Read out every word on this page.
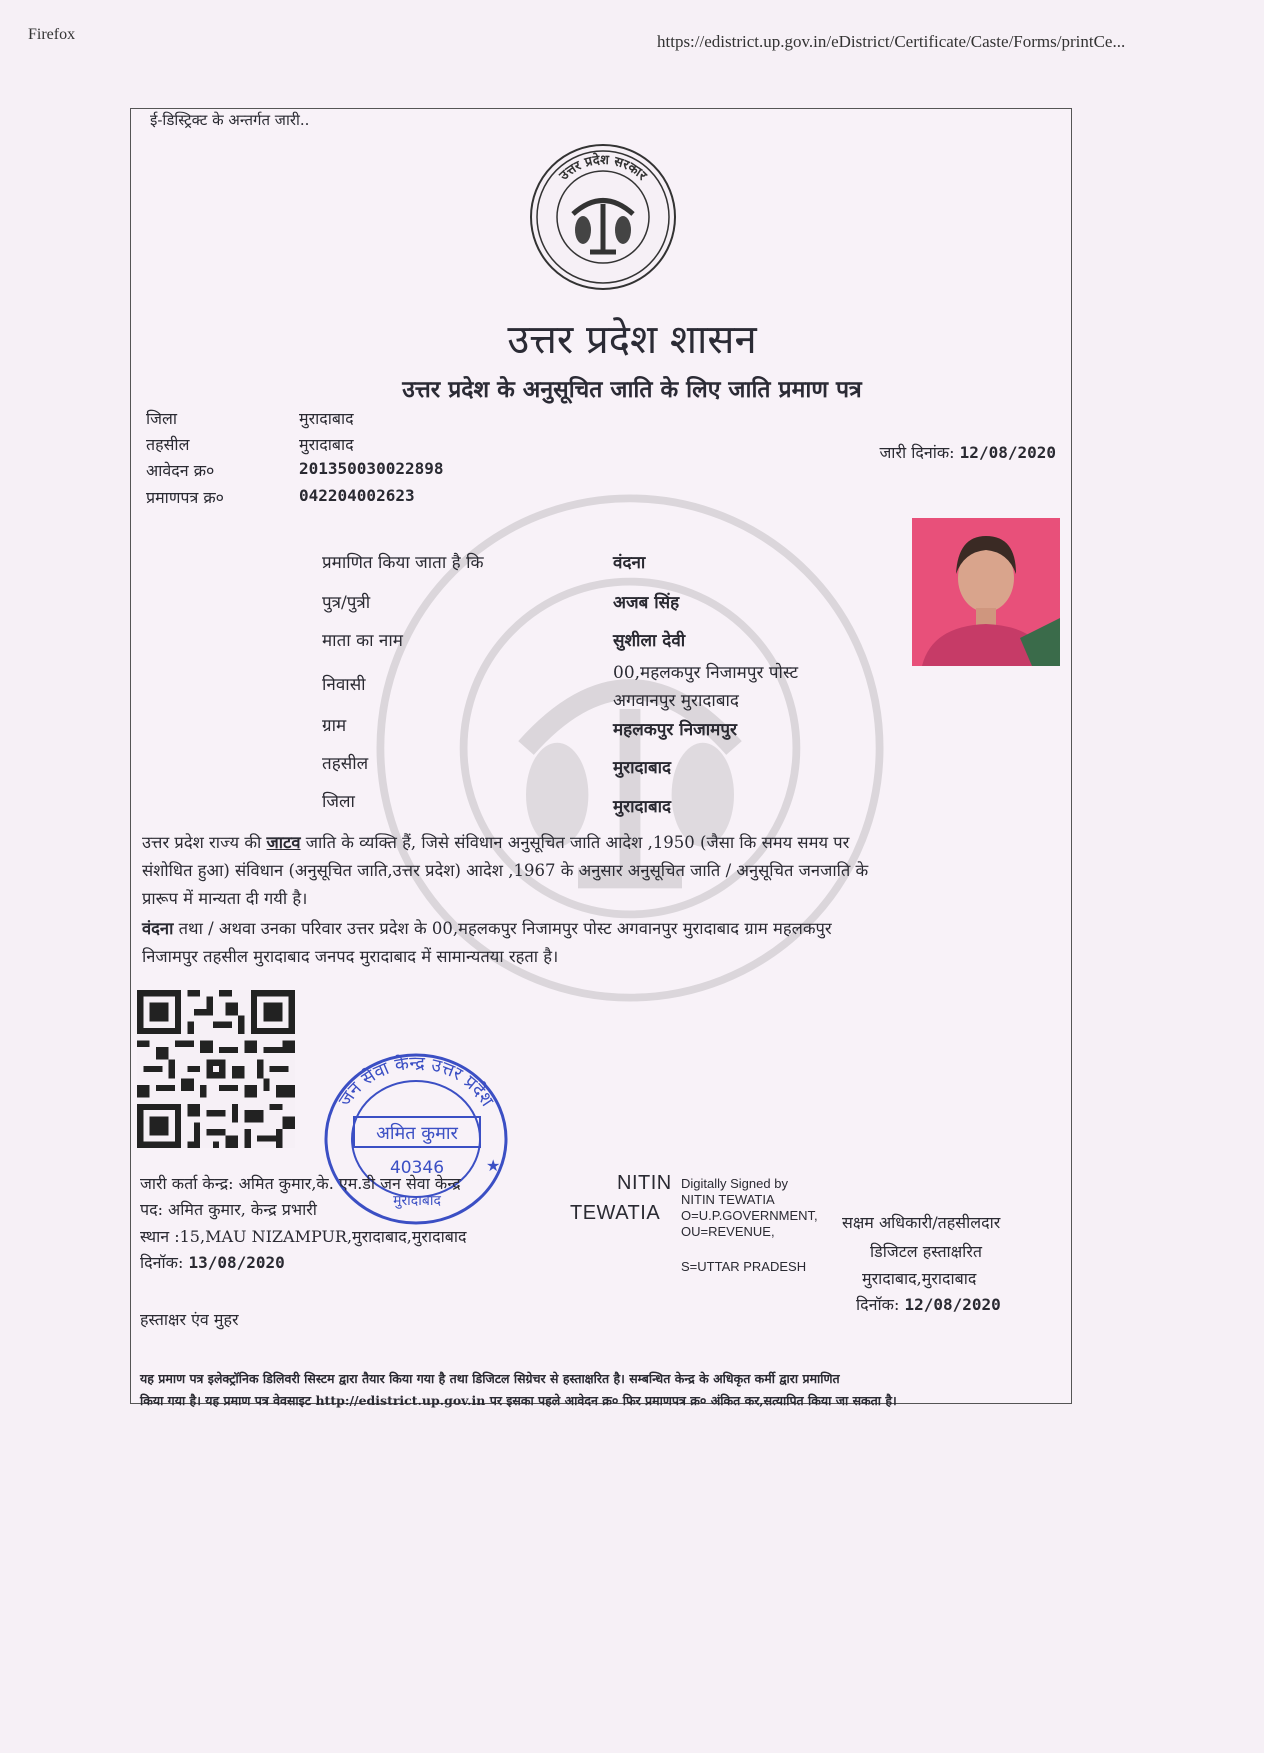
Firefox	https://edistrict.up.gov.in/eDistrict/Certificate/Caste/Forms/printCe...
ई-डिस्ट्रिक्ट के अन्तर्गत जारी..
उत्तर प्रदेश सरकार
उत्तर प्रदेश शासन
उत्तर प्रदेश के अनुसूचित जाति के लिए जाति प्रमाण पत्र
जिला	मुरादाबाद
तहसील	मुरादाबाद
आवेदन क्र०	201350030022898
प्रमाणपत्र क्र०	042204002623
जारी दिनांक: 12/08/2020
प्रमाणित किया जाता है कि	वंदना
पुत्र/पुत्री	अजब सिंह
माता का नाम	सुशीला देवी
निवासी
00,महलकपुर निजामपुर पोस्ट
अगवानपुर मुरादाबाद
ग्राम	महलकपुर निजामपुर
तहसील	मुरादाबाद
जिला	मुरादाबाद
उत्तर प्रदेश राज्य की जाटव जाति के व्यक्ति हैं, जिसे संविधान अनुसूचित जाति आदेश ,1950 (जैसा कि समय समय पर
संशोधित हुआ) संविधान (अनुसूचित जाति,उत्तर प्रदेश) आदेश ,1967 के अनुसार अनुसूचित जाति / अनुसूचित जनजाति के
प्रारूप में मान्यता दी गयी है।
वंदना तथा / अथवा उनका परिवार उत्तर प्रदेश के 00,महलकपुर निजामपुर पोस्ट अगवानपुर मुरादाबाद ग्राम महलकपुर
निजामपुर तहसील मुरादाबाद जनपद मुरादाबाद में सामान्यतया रहता है।
जन सेवा केन्द्र उत्तर प्रदेश
अमित कुमार
40346
मुरादाबाद
★
जारी कर्ता केन्द्र: अमित कुमार,के. एम.डी जन सेवा केन्द्र
पद: अमित कुमार, केन्द्र प्रभारी
स्थान :15,MAU NIZAMPUR,मुरादाबाद,मुरादाबाद
दिनॉक: 13/08/2020
हस्ताक्षर एंव मुहर
NITIN
TEWATIA
Digitally Signed by
NITIN TEWATIA
O=U.P.GOVERNMENT,
OU=REVENUE,
S=UTTAR PRADESH
सक्षम अधिकारी/तहसीलदार
डिजिटल हस्ताक्षरित
मुरादाबाद,मुरादाबाद
दिनॉक: 12/08/2020
यह प्रमाण पत्र इलेक्ट्रॉनिक डिलिवरी सिस्टम द्वारा तैयार किया गया है तथा डिजिटल सिग्रेचर से हस्ताक्षरित है। सम्बन्धित केन्द्र के अधिकृत कर्मी द्वारा प्रमाणित
किया गया है। यह प्रमाण पत्र वेवसाइट http://edistrict.up.gov.in पर इसका पहले आवेदन क्र० फिर प्रमाणपत्र क्र० अंकित कर,सत्यापित किया जा सकता है।
